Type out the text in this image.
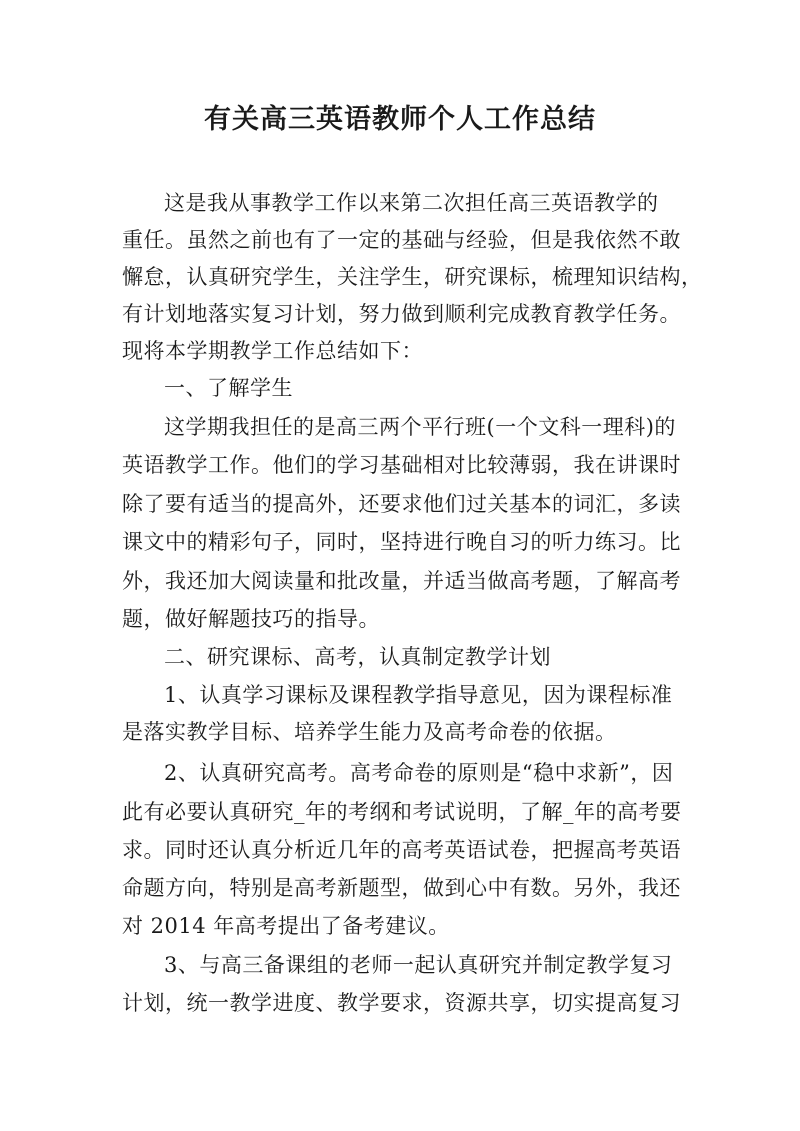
有关高三英语教师个人工作总结
这是我从事教学工作以来第二次担任高三英语教学的
重任。虽然之前也有了一定的基础与经验，但是我依然不敢
懈怠，认真研究学生，关注学生，研究课标，梳理知识结构，
有计划地落实复习计划，努力做到顺利完成教育教学任务。
现将本学期教学工作总结如下：
一、了解学生
这学期我担任的是高三两个平行班(一个文科一理科)的
英语教学工作。他们的学习基础相对比较薄弱，我在讲课时
除了要有适当的提高外，还要求他们过关基本的词汇，多读
课文中的精彩句子，同时，坚持进行晚自习的听力练习。比
外，我还加大阅读量和批改量，并适当做高考题，了解高考
题，做好解题技巧的指导。
二、研究课标、高考，认真制定教学计划
1、认真学习课标及课程教学指导意见，因为课程标准
是落实教学目标、培养学生能力及高考命卷的依据。
2、认真研究高考。高考命卷的原则是“稳中求新”，因
此有必要认真研究_年的考纲和考试说明，了解_年的高考要
求。同时还认真分析近几年的高考英语试卷，把握高考英语
命题方向，特别是高考新题型，做到心中有数。另外，我还
对 2014 年高考提出了备考建议。
3、与高三备课组的老师一起认真研究并制定教学复习
计划，统一教学进度、教学要求，资源共享，切实提高复习
